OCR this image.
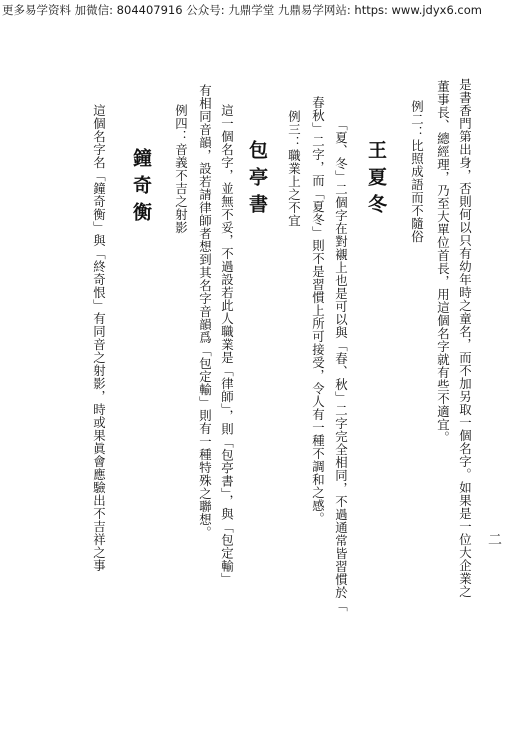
更多易学资料 加微信: 804407916 公众号: 九鼎学堂 九鼎易学网站: https: www.jdyx6.com
二
是書香門第出身，否則何以只有幼年時之童名，而不加另取一個名字。如果是一位大企業之
董事長、總經理，乃至大單位首長，用這個名字就有些不適宜。
例二：比照成語而不隨俗
王夏冬
「夏、冬」二個字在對襯上也是可以與「春、秋」二字完全相同，不過通常皆習慣於「
春秋」二字，而「夏冬」則不是習慣上所可接受，令人有一種不調和之感。
例三：職業上之不宜
包亭書
這一個名字，並無不妥，不過設若此人職業是「律師」，則「包亭書」，與「包定輸」
有相同音韻，設若請律師者想到其名字音韻爲「包定輸」則有一種特殊之聯想。
例四：音義不吉之射影
鐘奇衡
這個名字名「鐘奇衡」與「終奇恨」有同音之射影，時或果眞會應驗出不吉祥之事
